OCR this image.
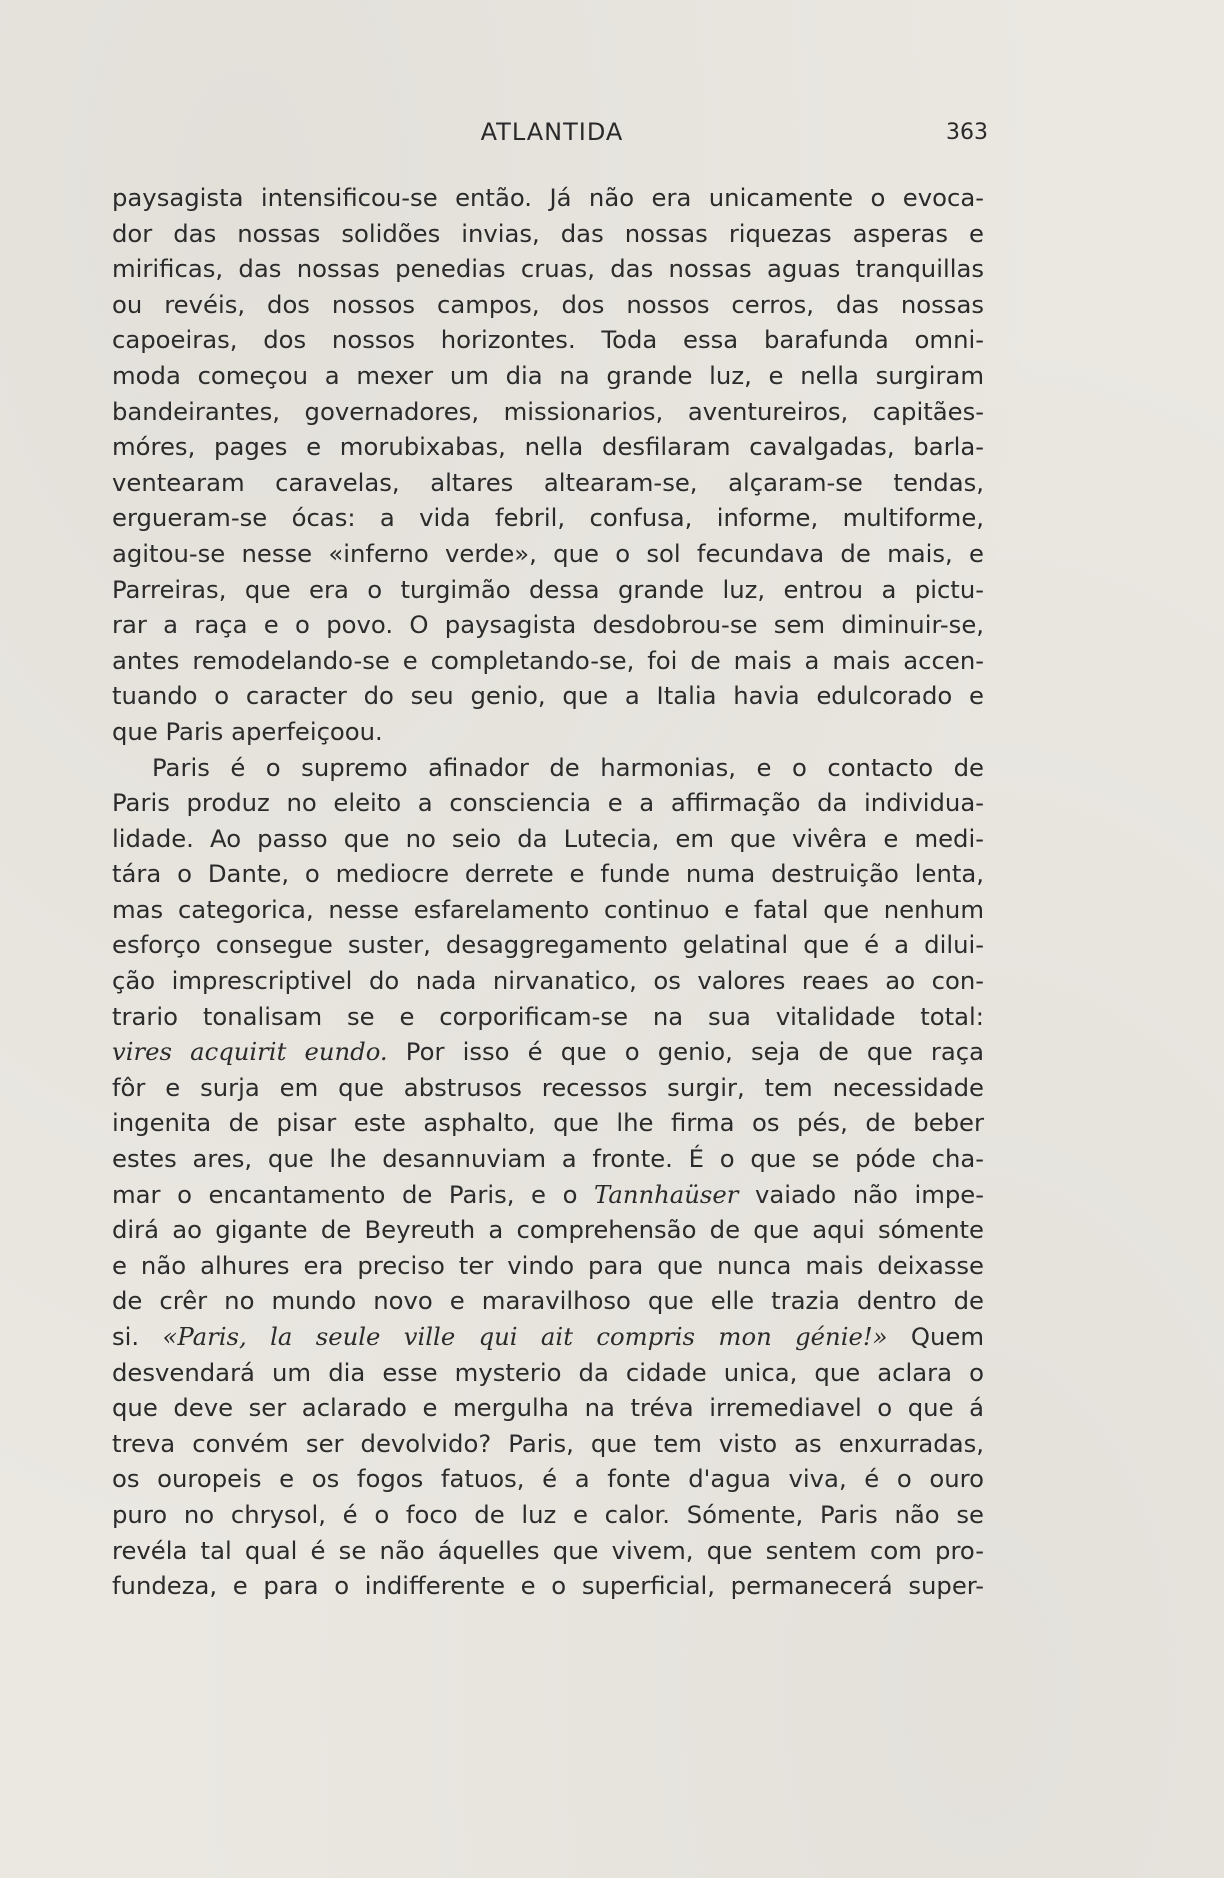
ATLANTIDA	363
paysagista intensificou-se então. Já não era unicamente o evoca-
dor das nossas solidões invias, das nossas riquezas asperas e
mirificas, das nossas penedias cruas, das nossas aguas tranquillas
ou revéis, dos nossos campos, dos nossos cerros, das nossas
capoeiras, dos nossos horizontes. Toda essa barafunda omni-
moda começou a mexer um dia na grande luz, e nella surgiram
bandeirantes, governadores, missionarios, aventureiros, capitães-
móres, pages e morubixabas, nella desfilaram cavalgadas, barla-
ventearam caravelas, altares altearam-se, alçaram-se tendas,
ergueram-se ócas: a vida febril, confusa, informe, multiforme,
agitou-se nesse «inferno verde», que o sol fecundava de mais, e
Parreiras, que era o turgimão dessa grande luz, entrou a pictu-
rar a raça e o povo. O paysagista desdobrou-se sem diminuir-se,
antes remodelando-se e completando-se, foi de mais a mais accen-
tuando o caracter do seu genio, que a Italia havia edulcorado e
que Paris aperfeiçoou.
Paris é o supremo afinador de harmonias, e o contacto de
Paris produz no eleito a consciencia e a affirmação da individua-
lidade. Ao passo que no seio da Lutecia, em que vivêra e medi-
tára o Dante, o mediocre derrete e funde numa destruição lenta,
mas categorica, nesse esfarelamento continuo e fatal que nenhum
esforço consegue suster, desaggregamento gelatinal que é a dilui-
ção imprescriptivel do nada nirvanatico, os valores reaes ao con-
trario tonalisam se e corporificam-se na sua vitalidade total:
vires acquirit eundo. Por isso é que o genio, seja de que raça
fôr e surja em que abstrusos recessos surgir, tem necessidade
ingenita de pisar este asphalto, que lhe firma os pés, de beber
estes ares, que lhe desannuviam a fronte. É o que se póde cha-
mar o encantamento de Paris, e o Tannhaüser vaiado não impe-
dirá ao gigante de Beyreuth a comprehensão de que aqui sómente
e não alhures era preciso ter vindo para que nunca mais deixasse
de crêr no mundo novo e maravilhoso que elle trazia dentro de
si. «Paris, la seule ville qui ait compris mon génie!» Quem
desvendará um dia esse mysterio da cidade unica, que aclara o
que deve ser aclarado e mergulha na tréva irremediavel o que á
treva convém ser devolvido? Paris, que tem visto as enxurradas,
os ouropeis e os fogos fatuos, é a fonte d'agua viva, é o ouro
puro no chrysol, é o foco de luz e calor. Sómente, Paris não se
revéla tal qual é se não áquelles que vivem, que sentem com pro-
fundeza, e para o indifferente e o superficial, permanecerá super-
